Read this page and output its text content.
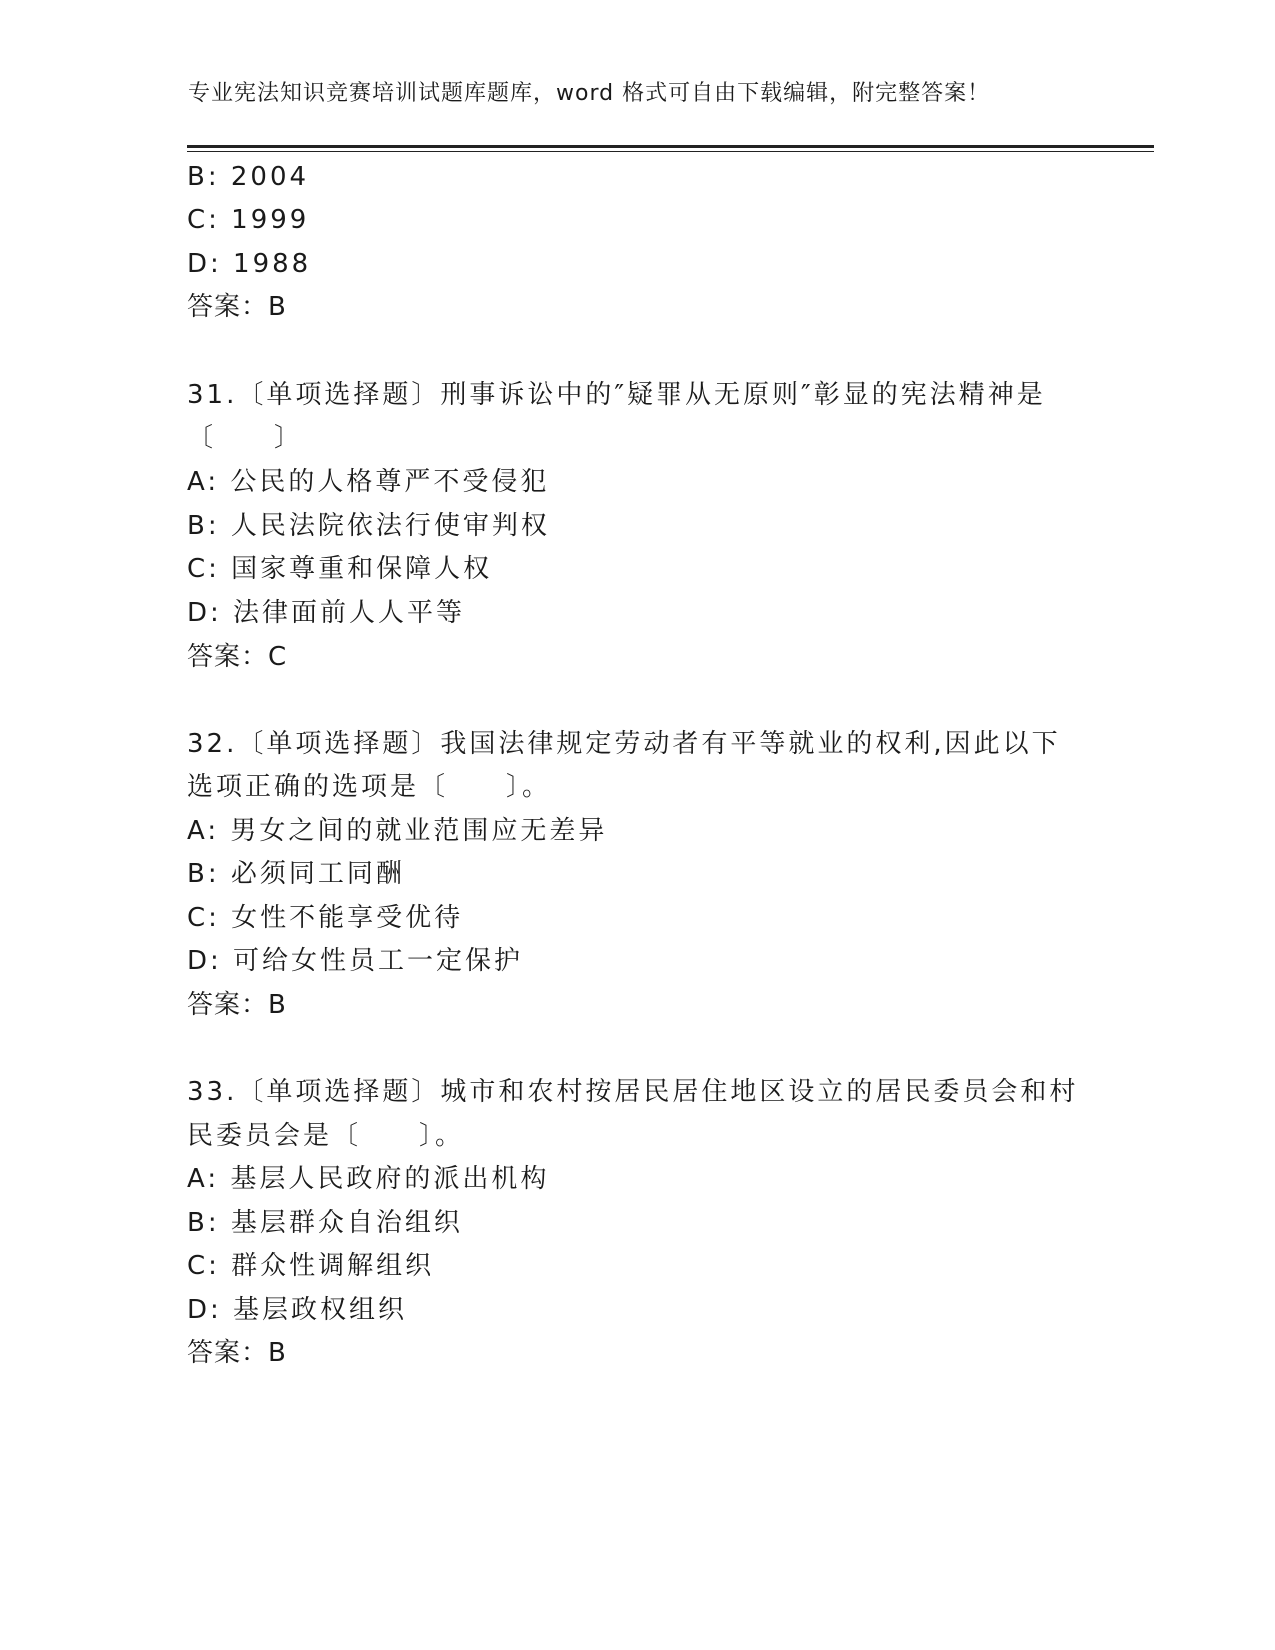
专业宪法知识竞赛培训试题库题库，word 格式可自由下载编辑，附完整答案！
B: 2004
C: 1999
D: 1988
答案：B
31.〔单项选择题〕刑事诉讼中的″疑罪从无原则″彰显的宪法精神是
〔　　〕
A: 公民的人格尊严不受侵犯
B: 人民法院依法行使审判权
C: 国家尊重和保障人权
D: 法律面前人人平等
答案：C
32.〔单项选择题〕我国法律规定劳动者有平等就业的权利,因此以下
选项正确的选项是〔　　〕。
A: 男女之间的就业范围应无差异
B: 必须同工同酬
C: 女性不能享受优待
D: 可给女性员工一定保护
答案：B
33.〔单项选择题〕城市和农村按居民居住地区设立的居民委员会和村
民委员会是〔　　〕。
A: 基层人民政府的派出机构
B: 基层群众自治组织
C: 群众性调解组织
D: 基层政权组织
答案：B
